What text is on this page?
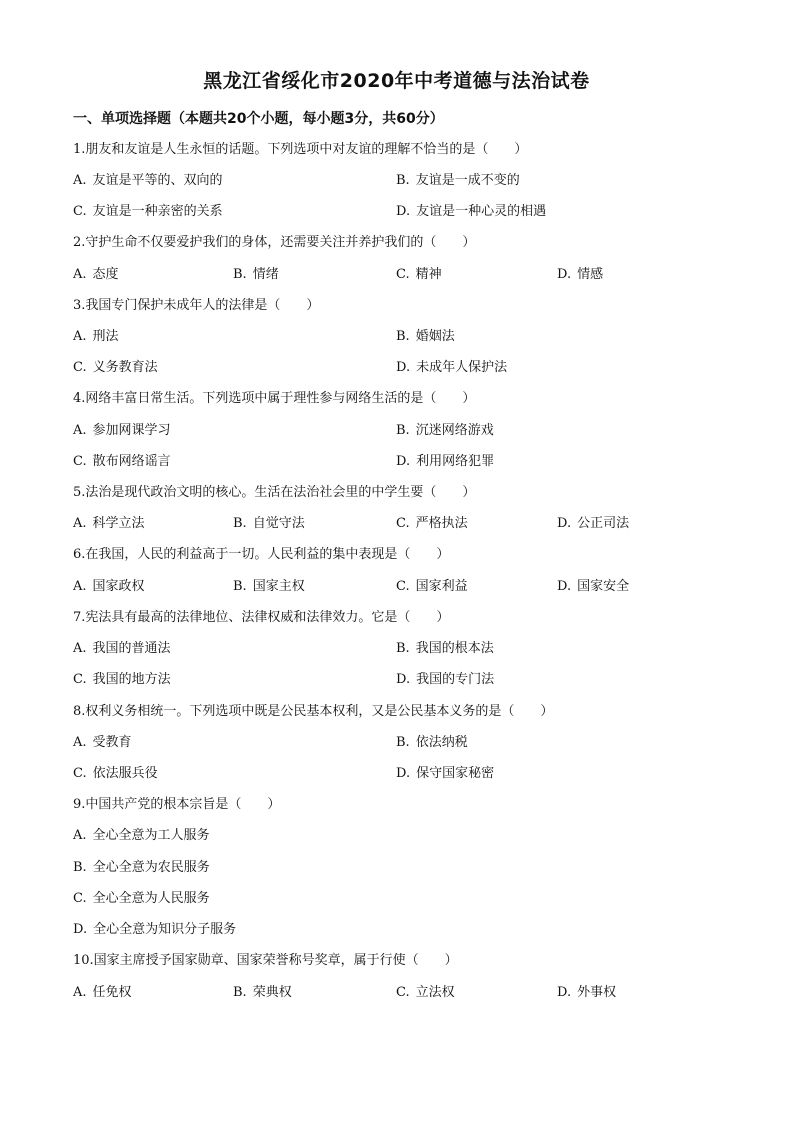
黑龙江省绥化市2020年中考道德与法治试卷
一、单项选择题（本题共20个小题，每小题3分，共60分）
1.朋友和友谊是人生永恒的话题。下列选项中对友谊的理解不恰当的是（　　）
A. 友谊是平等的、双向的	B. 友谊是一成不变的
C. 友谊是一种亲密的关系	D. 友谊是一种心灵的相遇
2.守护生命不仅要爱护我们的身体，还需要关注并养护我们的（　　）
A. 态度	B. 情绪	C. 精神	D. 情感
3.我国专门保护未成年人的法律是（　　）
A. 刑法	B. 婚姻法
C. 义务教育法	D. 未成年人保护法
4.网络丰富日常生活。下列选项中属于理性参与网络生活的是（　　）
A. 参加网课学习	B. 沉迷网络游戏
C. 散布网络谣言	D. 利用网络犯罪
5.法治是现代政治文明的核心。生活在法治社会里的中学生要（　　）
A. 科学立法	B. 自觉守法	C. 严格执法	D. 公正司法
6.在我国，人民的利益高于一切。人民利益的集中表现是（　　）
A. 国家政权	B. 国家主权	C. 国家利益	D. 国家安全
7.宪法具有最高的法律地位、法律权威和法律效力。它是（　　）
A. 我国的普通法	B. 我国的根本法
C. 我国的地方法	D. 我国的专门法
8.权利义务相统一。下列选项中既是公民基本权利，又是公民基本义务的是（　　）
A. 受教育	B. 依法纳税
C. 依法服兵役	D. 保守国家秘密
9.中国共产党的根本宗旨是（　　）
A. 全心全意为工人服务
B. 全心全意为农民服务
C. 全心全意为人民服务
D. 全心全意为知识分子服务
10.国家主席授予国家勋章、国家荣誉称号奖章，属于行使（　　）
A. 任免权	B. 荣典权	C. 立法权	D. 外事权
